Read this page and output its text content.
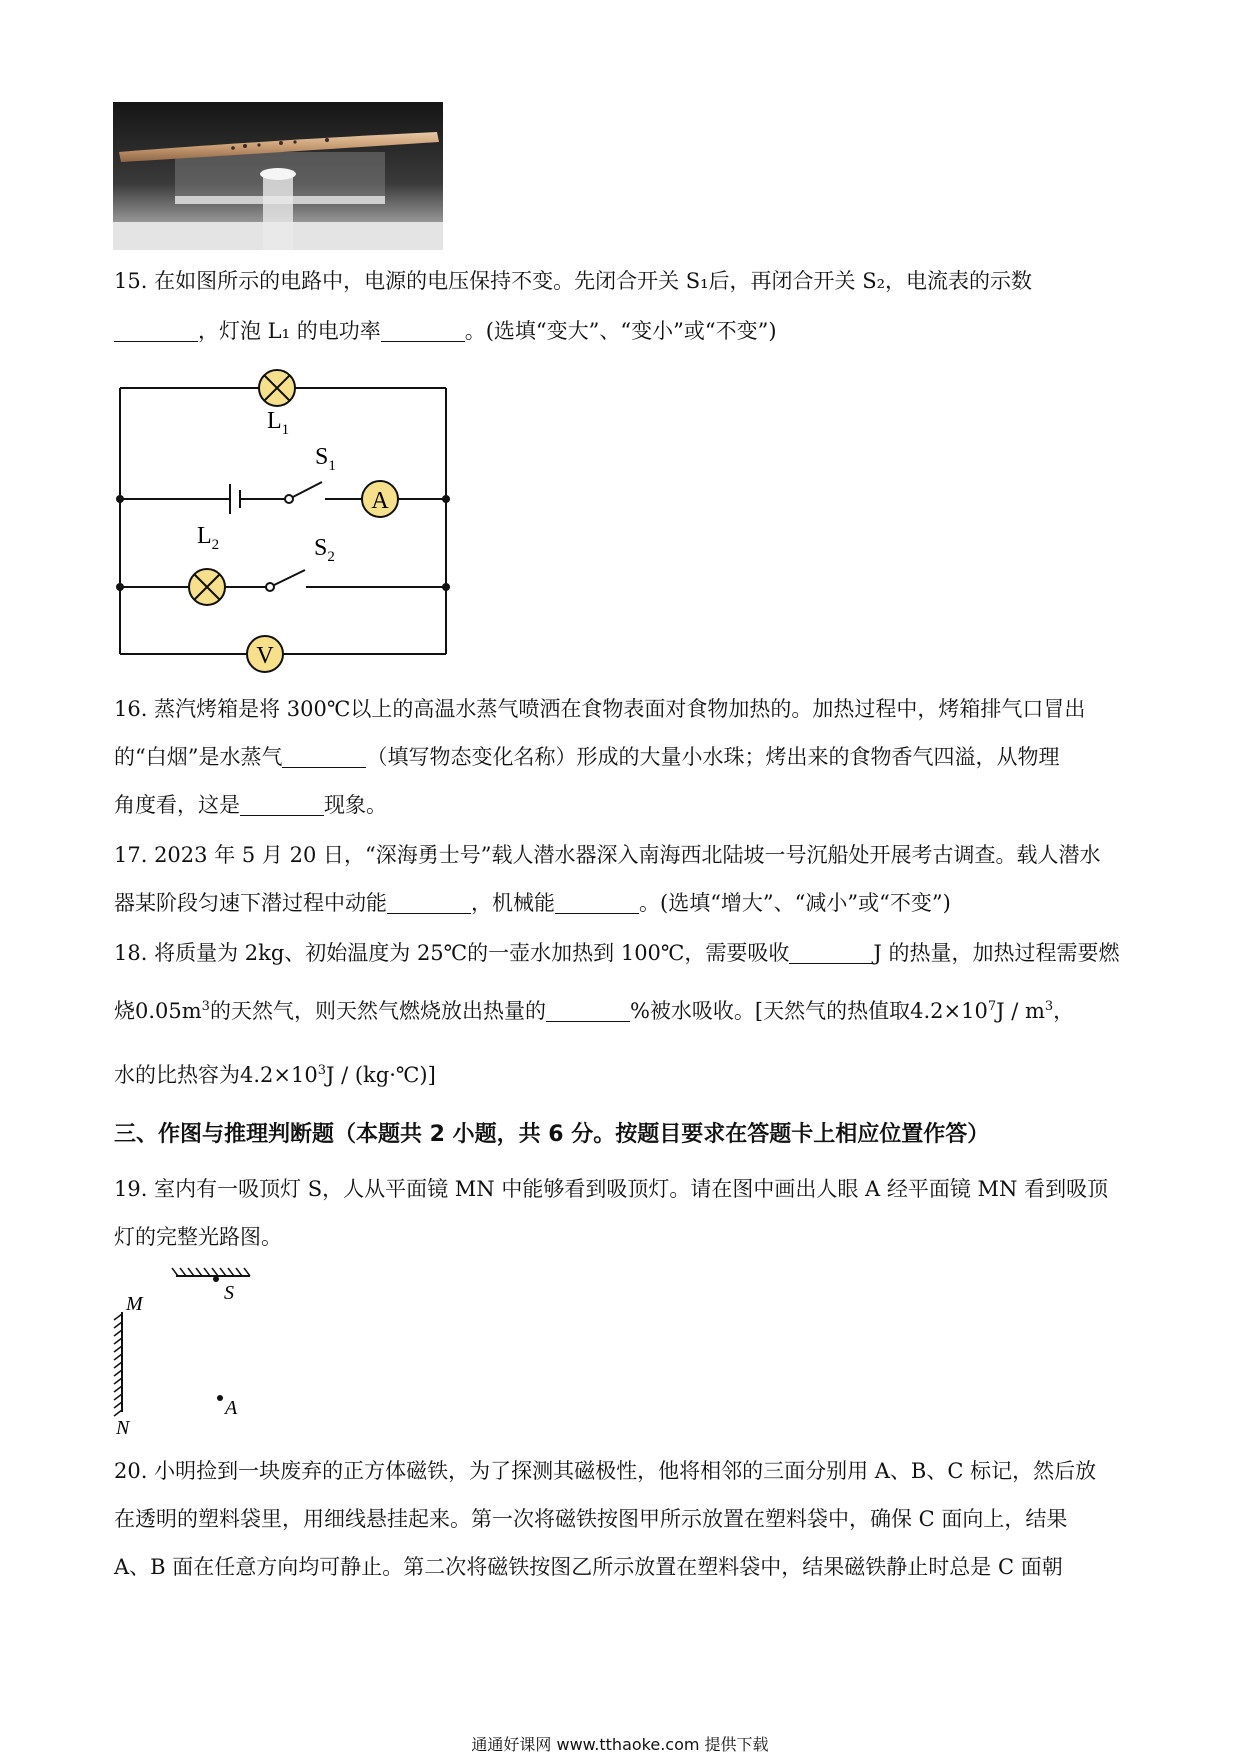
15. 在如图所示的电路中，电源的电压保持不变。先闭合开关 S₁后，再闭合开关 S₂，电流表的示数
，灯泡 L₁ 的电功率	。(选填“变大”、“变小”或“不变”)
A
V
$L_1$
$S_1$
$L_2$	$S_2$
16. 蒸汽烤箱是将 300℃以上的高温水蒸气喷洒在食物表面对食物加热的。加热过程中，烤箱排气口冒出
的“白烟”是水蒸气	（填写物态变化名称）形成的大量小水珠；烤出来的食物香气四溢，从物理
角度看，这是	现象。
17. 2023 年 5 月 20 日，“深海勇士号”载人潜水器深入南海西北陆坡一号沉船处开展考古调查。载人潜水
器某阶段匀速下潜过程中动能	，机械能	。(选填“增大”、“减小”或“不变”)
18. 将质量为 2kg、初始温度为 25℃的一壶水加热到 100℃，需要吸收	J 的热量，加热过程需要燃
烧$0.05m^3$的天然气，则天然气燃烧放出热量的	%被水吸收。[天然气的热值取$4.2\times 10^7J / m^3$，
水的比热容为$4.2\times 10^3J$ / (kg·℃)]
三、作图与推理判断题（本题共 2 小题，共 6 分。按题目要求在答题卡上相应位置作答）
19. 室内有一吸顶灯 S，人从平面镜 MN 中能够看到吸顶灯。请在图中画出人眼 A 经平面镜 MN 看到吸顶
灯的完整光路图。
S
M
N
A
20. 小明捡到一块废弃的正方体磁铁，为了探测其磁极性，他将相邻的三面分别用 A、B、C 标记，然后放
在透明的塑料袋里，用细线悬挂起来。第一次将磁铁按图甲所示放置在塑料袋中，确保 C 面向上，结果
A、B 面在任意方向均可静止。第二次将磁铁按图乙所示放置在塑料袋中，结果磁铁静止时总是 C 面朝
通通好课网 www.tthaoke.com 提供下载
